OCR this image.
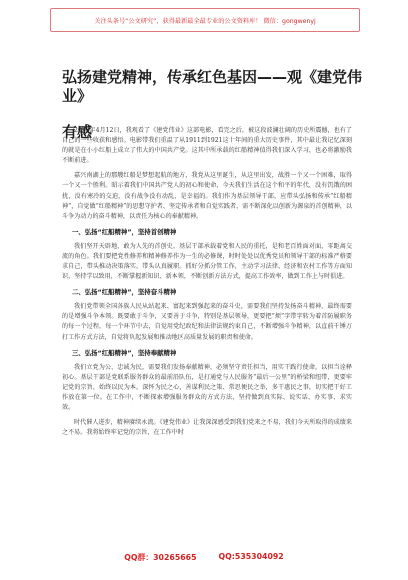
关注头条号“公文研究”，获得最新最全最专业的公文资料库！ 微信：gongwenyj
弘扬建党精神，传承红色基因——观《建党伟业》
有感

2023年4月12日，我观看了《建党伟业》这部电影，看完之后，被这段波澜壮阔的历史所震撼，也有了自己的一些收获和感悟。电影带我们重温了从1911到1921这十年间的重大历史事件，其中最让我记忆深刻的就是在小小红船上成立了伟大的中国共产党。这其中所承载的红船精神值得我们深入学习，也必将激励我不断前进。

嘉兴南湖上的那艘红船是梦想起航的地方，我党从这里诞生，从这里出发，战胜一个又一个困难，取得一个又一个胜利。昭示着我们中国共产党人的初心和使命，今天我们生活在这个和平的年代，没有饥饿的困扰，没有寒冷的交迫，没有战争没有动乱，是幸福的。我们作为基层领导干部，应带头弘扬和传承“红船精神”，自觉做“红船精神”的思想守护者、坚定传承者和自觉实践者，需不断深化以创新为源泉的首创精神，以斗争为动力的奋斗精神，以责任为核心的奉献精神。

一、弘扬“红船精神”，坚持首创精神

我们坚开天辟地、敢为人先的首创史。基层干部承载着党和人民的重托，是和老百姓面对面，零距离交流的角色。我们要把党性修养和精神修养作为一生的必修课，时时处处以优秀党员和领导干部的标准严格要求自己，带头推动决策落实，带头认真履职。抓好分抓分管工作，主动学习法律、经济和农村工作等方面知识，坚持学以致用，不断掌握新知识、新本领，不断创新方法方式，提高工作效率，做到工作上与时俱进。

二、弘扬“红船精神”，坚持奋斗精神

我们党带领全国各族人民从站起来、富起来到强起来的奋斗史，需要我们坚持发扬奋斗精神，最终需要的是增强斗争本领。既要敢于斗争，又要善于斗争，特别是基层领导，更要把“烦”字带字转为着首防履职务的每一个过程，每一个环节中去，自觉用党纪政纪和法律法规约束自己，不断增强斗争精神，以直前千锤万打工作方式方法，自觉将负起发展和推动地区高质量发展的职责和使命。

三、弘扬“红船精神”，坚持奉献精神

我们立党为公、忠诚为民，需要我们发扬奉献精神，必须坚守责任担当，用实干践行使命，以担当诠释初心。基层干部是党联系服务群众的最前沿队伍，是打通党与人民服务“最后一公里”的桥梁和纽带，更要牢记党的宗旨，始终以民为本，深怀为民之心、善谋利民之策、常思便民之举，多干惠民之事，切实把干好工作放在第一位。在工作中，不断探索增强服务群众的方式方法，坚持做到真实际、说实话、办实事、求实效。

时代催人进步，精神赓续永流。《建党伟业》让我深深感受到我们党来之不易，我们今天所取得的成绩来之不易。我将始终牢记党的宗旨，在工作中时

QQ群：30265665	QQ:535304092
